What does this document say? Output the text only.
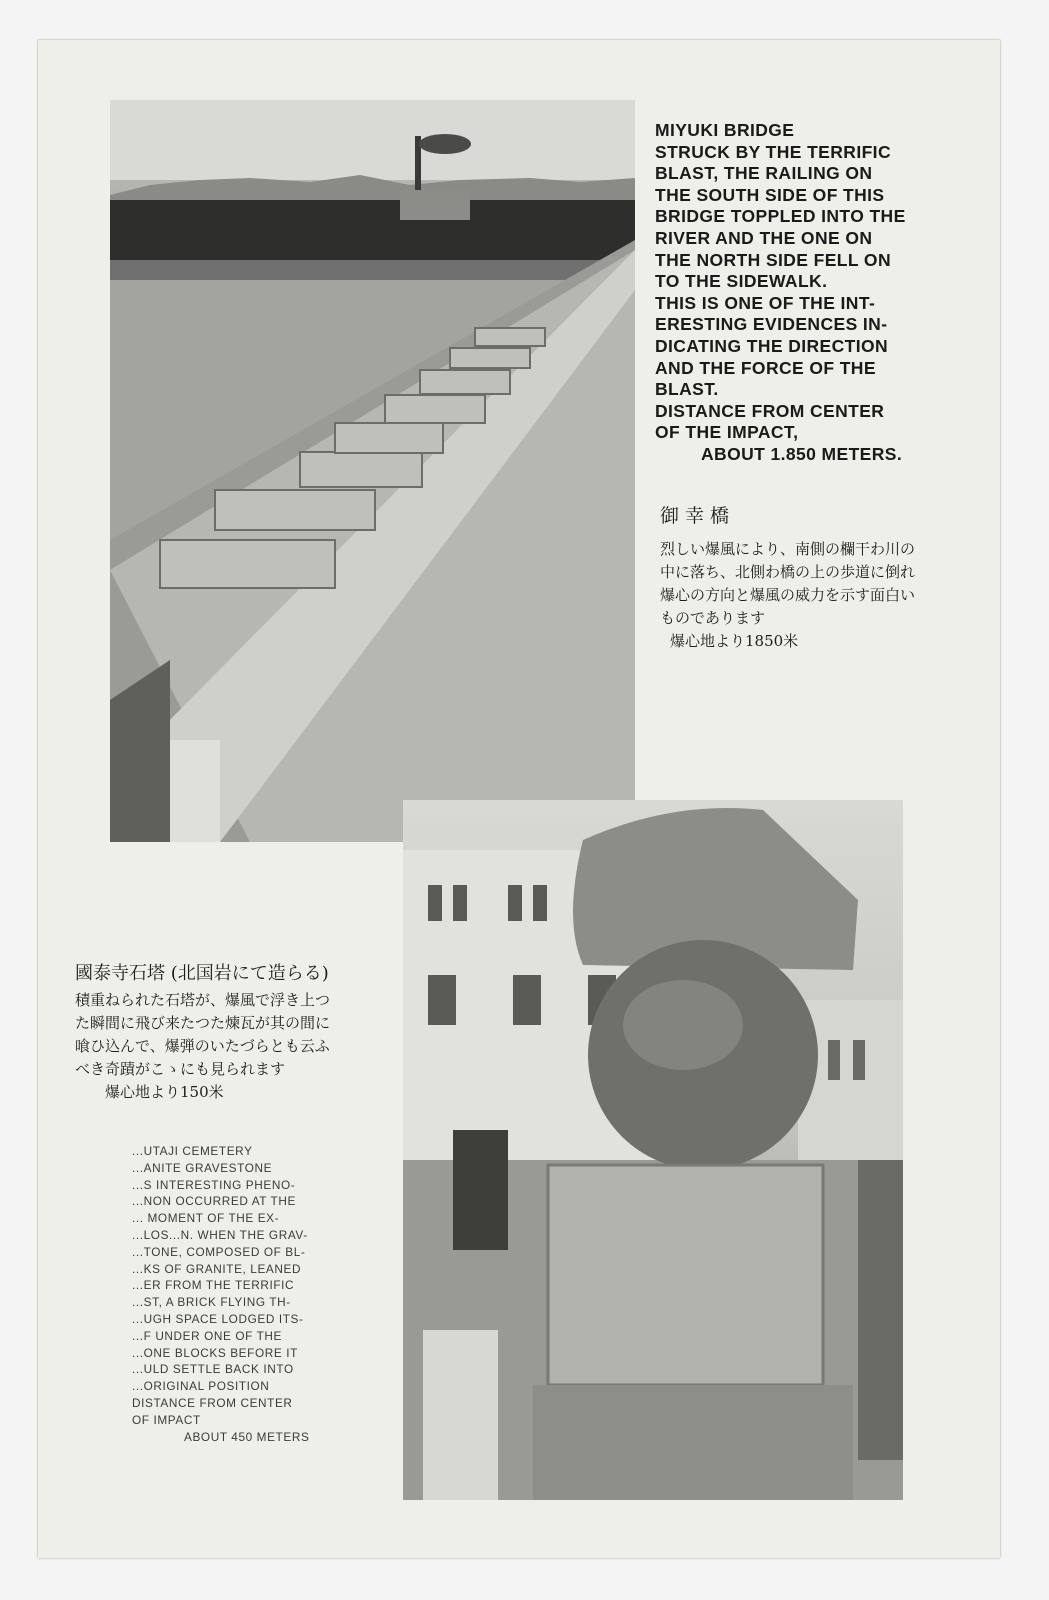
MIYUKI BRIDGE
STRUCK BY THE TERRIFIC
BLAST, THE RAILING ON
THE SOUTH SIDE OF THIS
BRIDGE TOPPLED INTO THE
RIVER AND THE ONE ON
THE NORTH SIDE FELL ON
TO THE SIDEWALK.
THIS IS ONE OF THE INT-
ERESTING EVIDENCES IN-
DICATING THE DIRECTION
AND THE FORCE OF THE
BLAST.
DISTANCE FROM CENTER
OF THE IMPACT,
ABOUT 1.850 METERS.
御幸橋
烈しい爆風により、南側の欄干わ川の
中に落ち、北側わ橋の上の歩道に倒れ
爆心の方向と爆風の威力を示す面白い
ものであります
爆心地より1850米
國泰寺石塔 (北国岩にて造らる)
積重ねられた石塔が、爆風で浮き上つ
た瞬間に飛び来たつた煉瓦が其の間に
喰ひ込んで、爆弾のいたづらとも云ふ
べき奇蹟がこゝにも見られます
爆心地より150米
...UTAJI CEMETERY
...ANITE GRAVESTONE
...S INTERESTING PHENO-
...NON OCCURRED AT THE
... MOMENT OF THE EX-
...LOS...N. WHEN THE GRAV-
...TONE, COMPOSED OF BL-
...KS OF GRANITE, LEANED
...ER FROM THE TERRIFIC
...ST, A BRICK FLYING TH-
...UGH SPACE LODGED ITS-
...F UNDER ONE OF THE
...ONE BLOCKS BEFORE IT
...ULD SETTLE BACK INTO
...ORIGINAL POSITION
DISTANCE FROM CENTER
OF IMPACT
ABOUT 450 METERS
